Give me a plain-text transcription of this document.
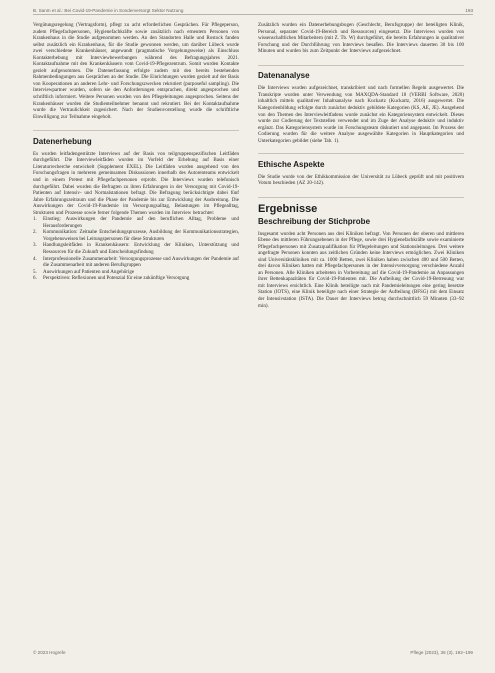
B. Sanm et al.: Bei Covid-19-Pandemie in Sonderversorgt Sektor Nutzung	193

Vergütungsregelung (Vertragsform), pflegt zu acht erforderlichen Gesprächen. Für Pflegeperson, zudem Pflegefachpersonen, Hygienefachkräfte sowie zusätzlich nach erneutem Personen von Krankenhaus in die Studie aufgenommen werden. An den Standorten Halle und Rostock fanden selbst zusätzlich ein Krankenhaus, für die Studie gewonnen werden, um darüber Lübeck wurde zwei verschiedene Krankenhäuser, angewandt (pragmatische Vorgehungsweise) als Einschluss Kontakterhebung mit Interviewbewerbungen während des Befragungsjahres 2021. Kontaktaufnahme mit den Krankenhäusern vom Covid-19-Pflegezentrum. Somit wurden Kontakte gezielt aufgenommen. Die Datenerfassung erfolgte zudem mit den bereits bestehenden Rahmenbedingungen aus Gesprächen an der Studie. Die Einrichtungen wurden gezielt auf der Basis von Kooperationen an anderen Lehr- und Forschungszwecken rekrutiert (purposeful sampling). Die Interviewpartner wurden, sofern sie den Anforderungen entsprachen, direkt angesprochen und schriftlich informiert. Weitere Personen wurden von den Pflegeleitungen angesprochen. Seitens der Krankenhäuser wurden die Studienteilnehmer benannt und rekrutiert. Bei der Kontaktaufnahme wurde die Vertraulichkeit zugesichert. Nach der Studienvorstellung wurde die schriftliche Einwilligung zur Teilnahme eingeholt.

Datenerhebung

Es wurden leitfadengestützte Interviews auf der Basis von teilgruppenspezifischen Leitfäden durchgeführt. Die Interviewleitfäden wurden im Vorfeld der Erhebung auf Basis einer Literaturrecherche entwickelt (Supplement EXEL). Die Leitfäden wurden ausgehend von den Forschungsfragen in mehreren gemeinsamen Diskussionen innerhalb des Autorenteams entwickelt und in einem Pretest mit Pflegefachpersonen erprobt. Die Interviews wurden telefonisch durchgeführt. Dabei wurden die Befragten zu ihren Erfahrungen in der Versorgung mit Covid-19-Patienten auf Intensiv- und Normalstationen befragt. Die Befragung berücksichtigte dabei fünf Jahre Erfahrungszeitraum und die Phase der Pandemie bis zur Entwicklung der Ausbreitung. Die Auswirkungen der Covid-19-Pandemie im Versorgungsalltag, Belastungen im Pflegealltag, Strukturen und Prozesse sowie ferner folgende Themen wurden im Interview betrachtet:

1. Einstieg: Auswirkungen der Pandemie auf den beruflichen Alltag, Probleme und Herausforderungen
2. Kommunikation: Zeitnahe Entscheidungsprozesse, Ausbildung der Kommunikationsstrategien, Vorgehensweisen bei Leitungspersonen für diese Strukturen
3. Handlungsleitfäden in Krankenhäusern: Entwicklung der Kliniken, Unterstützung und Ressourcen für die Zukunft und Entscheidungsfindung
4. Interprofessionelle Zusammenarbeit: Versorgungsprozesse und Auswirkungen der Pandemie auf die Zusammenarbeit mit anderen Berufsgruppen
5. Auswirkungen auf Patienten und Angehörige
6. Perspektiven: Reflexionen und Potenzial für eine zukünftige Versorgung

Zusätzlich wurden ein Datenerhebungsbogen (Geschlecht, Berufsgruppe) der beteiligten Klinik, Personal, separater Covid-19-Bereich und Ressourcen) eingesetzt. Die Interviews wurden von wissenschaftlichen Mitarbeitern (mit Z. Tb. W) durchgeführt, die bereits Erfahrungen in qualitativer Forschung und der Durchführung von Interviews besaßen. Die Interviews dauerten 30 bis 100 Minuten und wurden bis zum Zeitpunkt der Interviews aufgezeichnet.

Datenanalyse

Die Interviews wurden aufgezeichnet, transkribiert und nach formellen Regeln ausgewertet. Die Transkripte wurden unter Verwendung von MAXQDA-Standard 18 (VERBI Software, 2020) inhaltlich mittels qualitativer Inhaltsanalyse nach Kuckartz (Kuckartz, 2016) ausgewertet. Die Kategorienbildung erfolgte durch zunächst deduktiv gebildete Kategorien (KS, AE, JE). Ausgehend von den Themen des Interviewleitfadens wurde zunächst ein Kategoriensystem entwickelt. Dieses wurde zur Codierung der Textstellen verwendet und im Zuge der Analyse deduktiv und induktiv ergänzt. Das Kategoriensystem wurde im Forschungsteam diskutiert und angepasst. Im Prozess der Codierung wurden für die weitere Analyse ausgewählte Kategorien in Hauptkategorien und Unterkategorien gebildet (siehe Tab. 1).

Ethische Aspekte

Die Studie wurde von der Ethikkommission der Universität zu Lübeck geprüft und mit positivem Votum beschieden (AZ 20-142).

Ergebnisse

Beschreibung der Stichprobe

Insgesamt wurden acht Personen aus drei Kliniken befragt. Von Personen der oberen und mittleren Ebene des mittleren Führungsebenen in der Pflege, sowie drei Hygienefachkräfte sowie examinierte Pflegefachpersonen mit Zusatzqualifikation für Pflegeleitungen und Stationsleitungen. Drei weitere angefragte Personen konnten aus zeitlichen Gründen keine Interviews ermöglichen. Zwei Kliniken sind Universitätskliniken mit ca. 1000 Betten, zwei Kliniken haben zwischen 400 und 500 Betten, drei davon Kliniken hatten mit Pflegefachpersonen in der Intensivversorgung verschiedene Anzahl an Personen. Alle Kliniken arbeiteten in Vorbereitung auf die Covid-19-Pandemie an Anpassungen ihrer Bettenkapazitäten für Covid-19-Patienten mit. Die Aufteilung der Covid-19-Betreuung war mit Interviews ersichtlich. Eine Klinik beteiligte nach mit Pandemieleitungen eine gering besetzte Station (IOTS), eine Klinik beteiligte nach einer Strategie der Aufteilung (BFSG) mit dem Einsatz der Intensivstation (ISTA). Die Dauer der Interviews betrug durchschnittlich 59 Minuten (33–92 min).

© 2023 Hogrefe	Pflege (2023), 36 (3), 192–199
